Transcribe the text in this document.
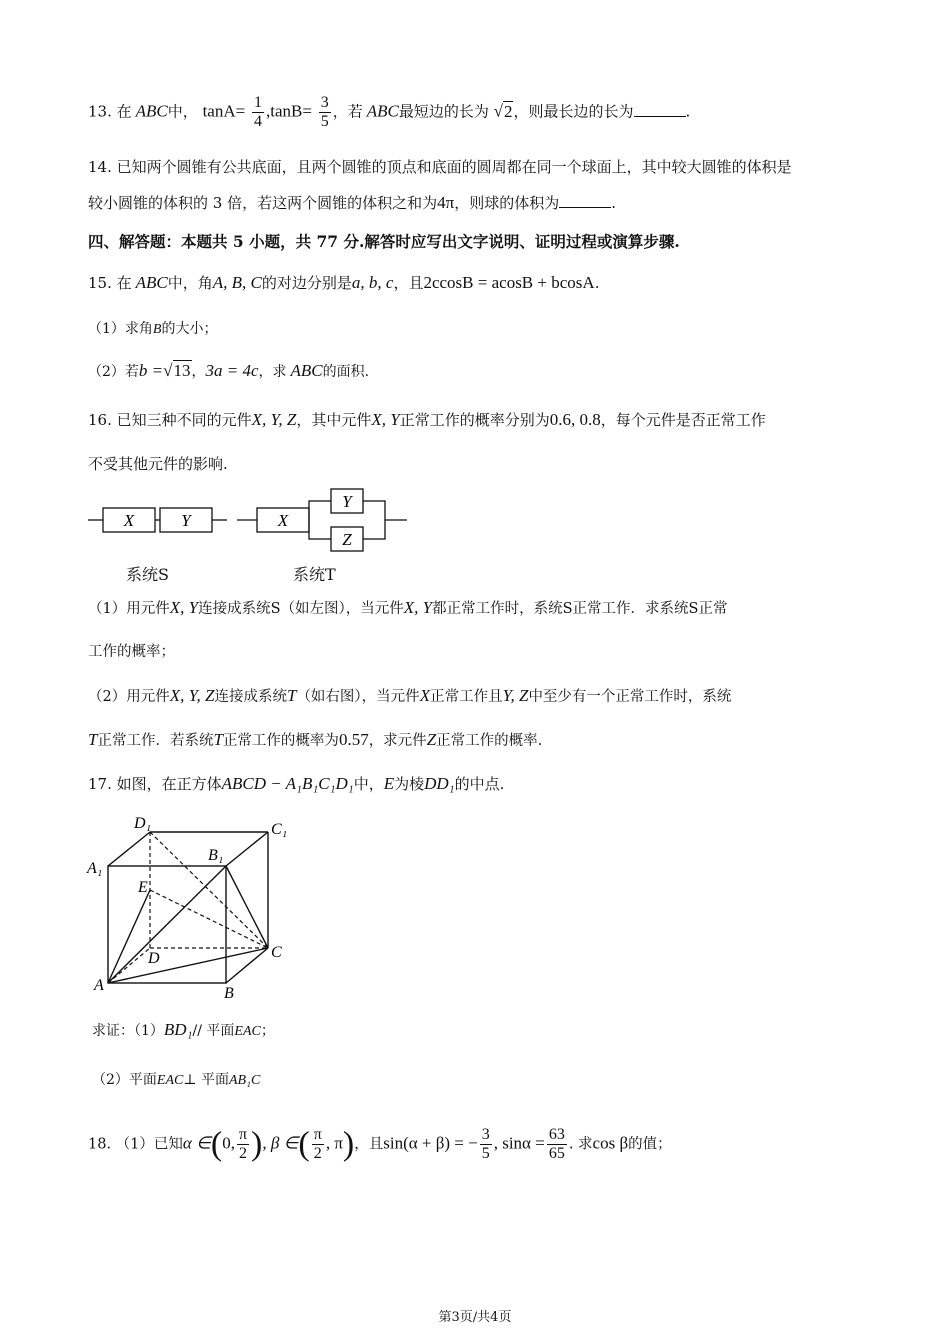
13. 在 ABC中， $\tan A= \frac{1}{4} ,\tan B= \frac{3}{5}$ ，若 ABC最短边的长为 √2，则最长边的长为	.
14. 已知两个圆锥有公共底面，且两个圆锥的顶点和底面的圆周都在同一个球面上，其中较大圆锥的体积是
较小圆锥的体积的 3 倍，若这两个圆锥的体积之和为4π，则球的体积为	.
四、解答题：本题共 5 小题，共 77 分.解答时应写出文字说明、证明过程或演算步骤.
15. 在 ABC中，角A, B, C的对边分别是a, b, c，且2ccosB = acosB + bcosA.
（1）求角B的大小；
（2）若b =√13，3a = 4c，求 ABC的面积.
16. 已知三种不同的元件X, Y, Z，其中元件X, Y正常工作的概率分别为0.6, 0.8，每个元件是否正常工作
不受其他元件的影响.
X	Y	X
Y
Z
系统S	系统T
（1）用元件X, Y连接成系统S（如左图），当元件X, Y都正常工作时，系统S正常工作．求系统S正常
工作的概率；
（2）用元件X, Y, Z连接成系统T（如右图），当元件X正常工作且Y, Z中至少有一个正常工作时，系统
T正常工作．若系统T正常工作的概率为0.57，求元件Z正常工作的概率.
17. 如图，在正方体ABCD − A₁B₁C₁D₁中，E为棱DD₁的中点.
D₁	C₁
A₁
B₁
E
D	C
A	B
求证：（1）BD₁// 平面EAC；
（2）平面EAC⊥ 平面AB₁C
18. （1）已知α ∈(0, $\frac{\pi}{2}$ ), β ∈( $\frac{\pi}{2}$ , π)，且sin(α + β) = − $\frac{3}{5}$ , $\sin\alpha = \frac{63}{65}$ . 求cos β的值；
第3页/共4页
